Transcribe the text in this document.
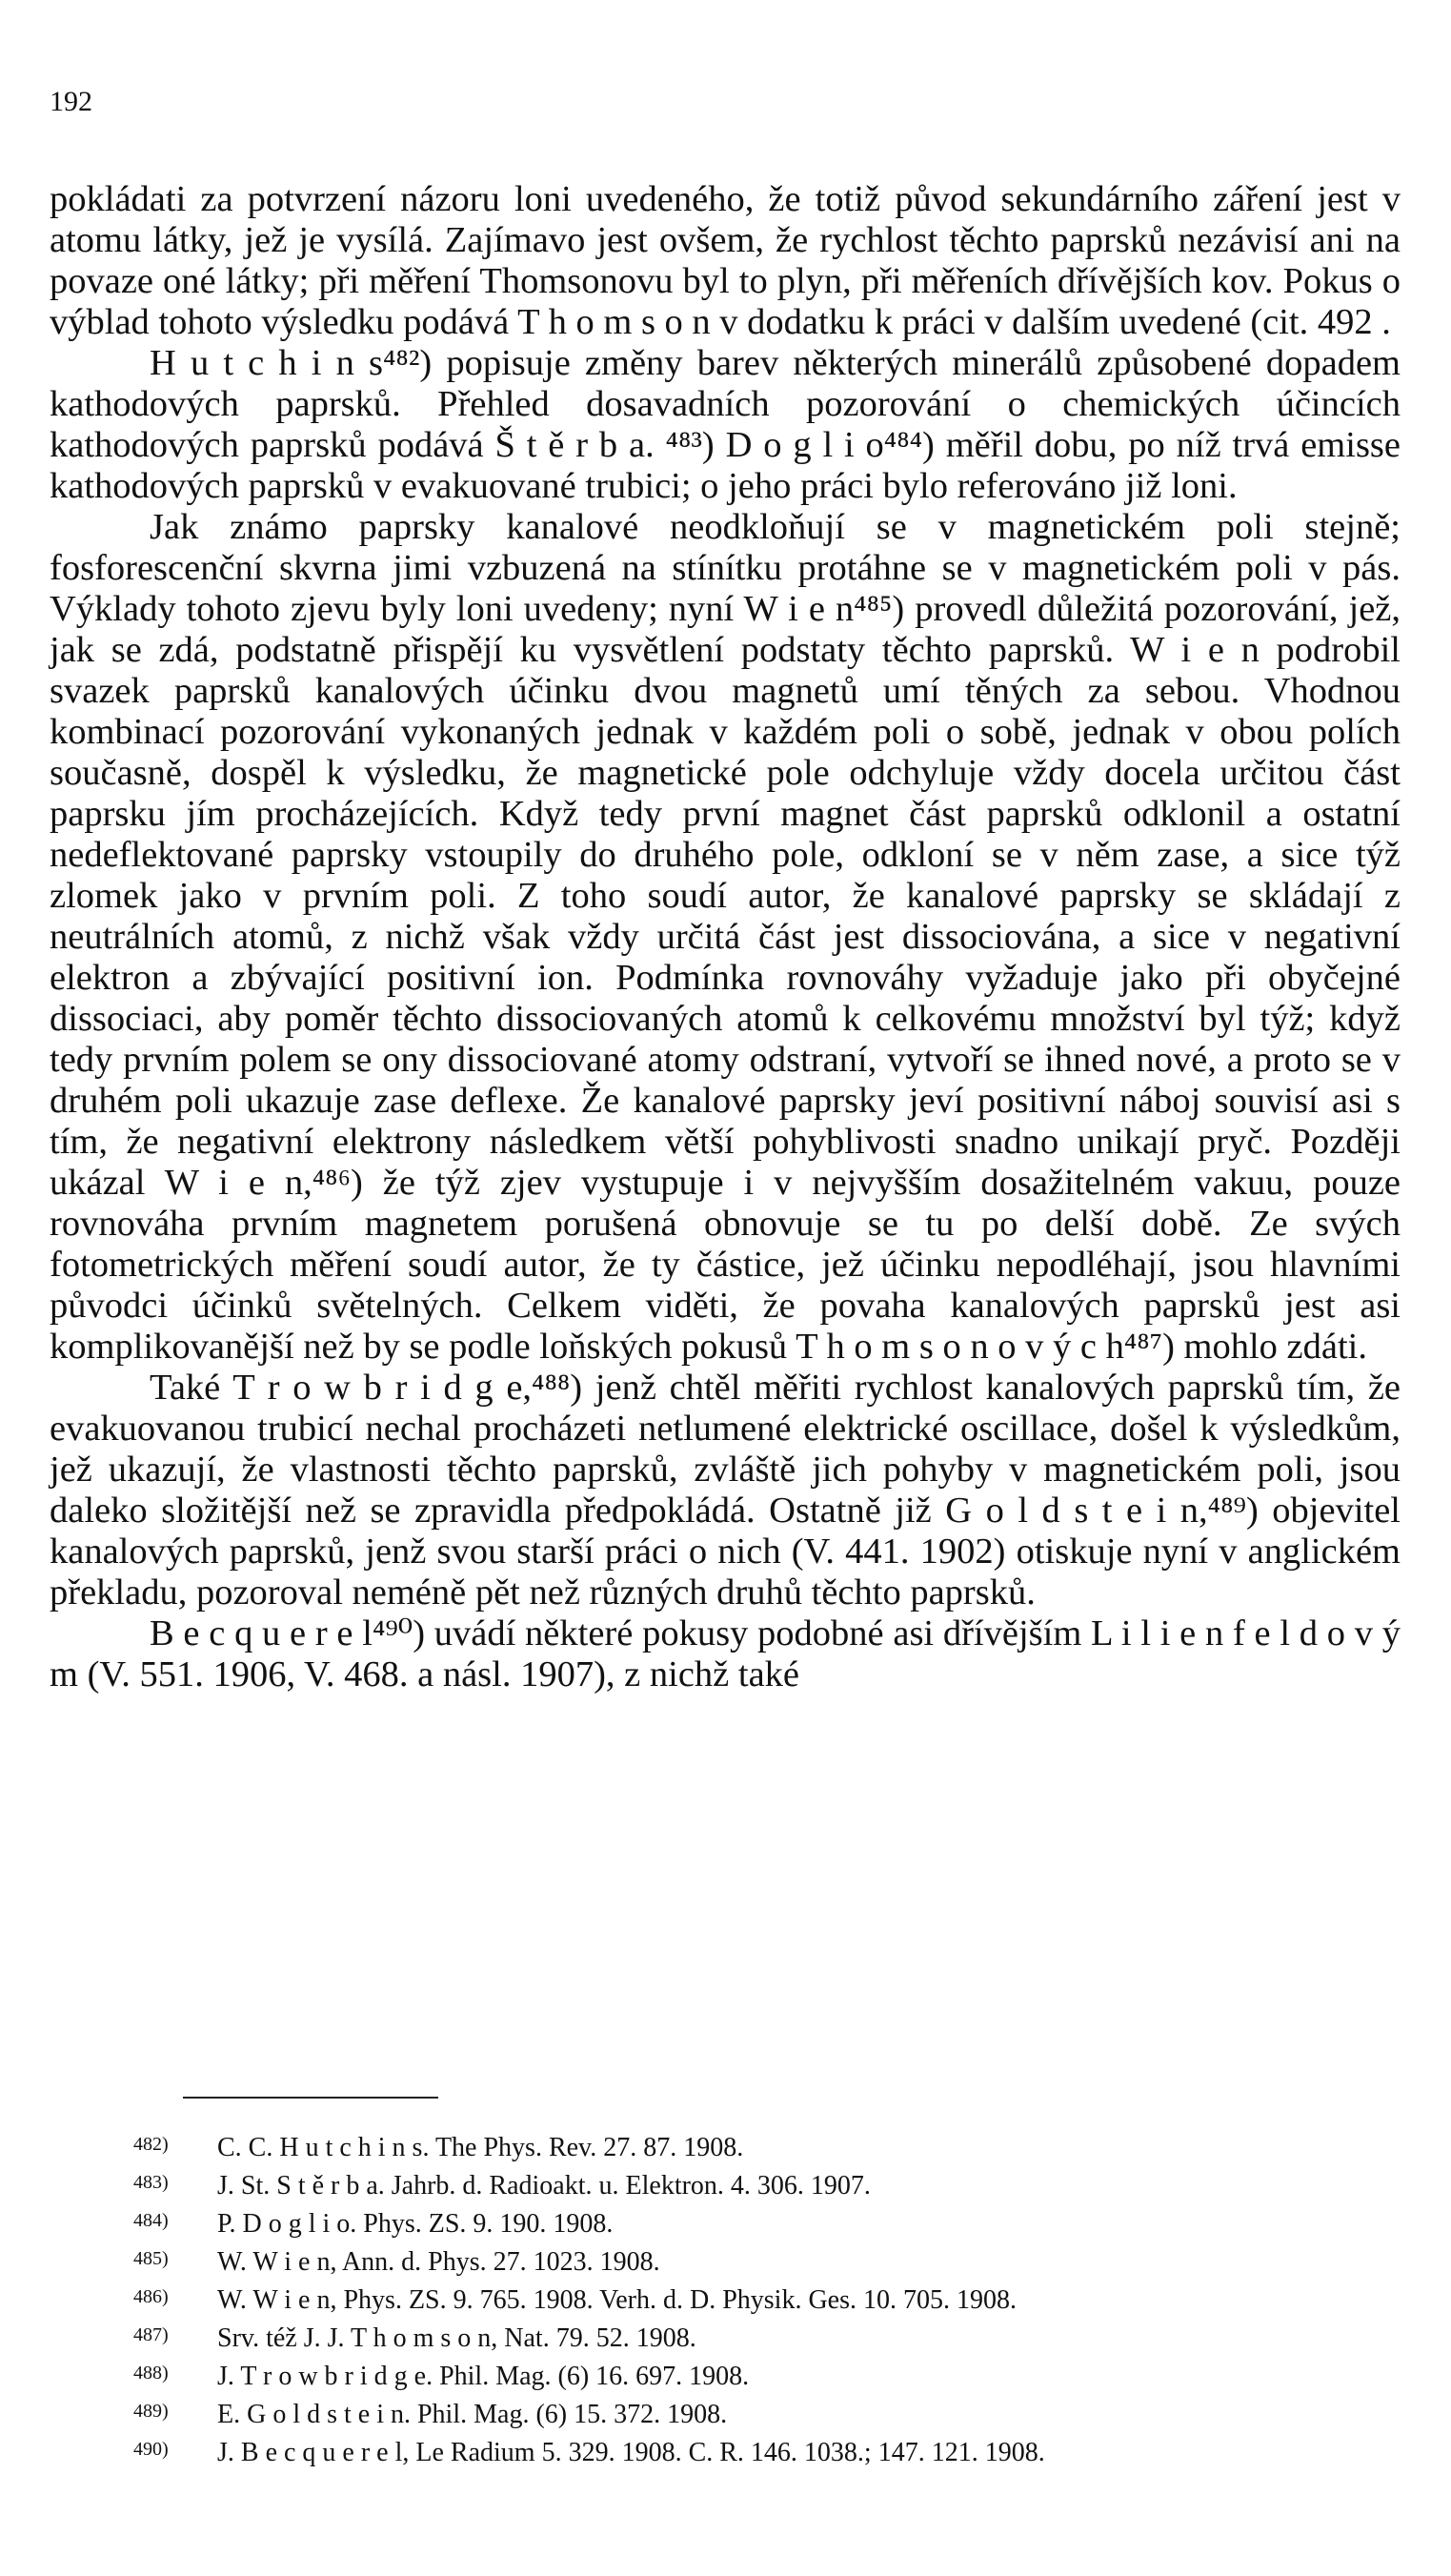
192

pokládati za potvrzení názoru loni uvedeného, že totiž původ sekundárního záření jest v atomu látky, jež je vysílá. Zajímavo jest ovšem, že rychlost těchto paprsků nezávisí ani na povaze oné látky; při měření Thomsonovu byl to plyn, při měřeních dřívějších kov. Pokus o výblad tohoto výsledku podává T h o m s o n v dodatku k práci v dalším uvedené (cit. 492 .

H u t c h i n s⁴⁸²) popisuje změny barev některých minerálů způsobené dopadem kathodových paprsků. Přehled dosavadních pozorování o chemických účincích kathodových paprsků podává Š t ě r b a. ⁴⁸³) D o g l i o⁴⁸⁴) měřil dobu, po níž trvá emisse kathodových paprsků v evakuované trubici; o jeho práci bylo referováno již loni.

Jak známo paprsky kanalové neodkloňují se v magnetickém poli stejně; fosforescenční skvrna jimi vzbuzená na stínítku protáhne se v magnetickém poli v pás. Výklady tohoto zjevu byly loni uvedeny; nyní W i e n⁴⁸⁵) provedl důležitá pozorování, jež, jak se zdá, podstatně přispějí ku vysvětlení podstaty těchto paprsků. W i e n podrobil svazek paprsků kanalových účinku dvou magnetů umí těných za sebou. Vhodnou kombinací pozorování vykonaných jednak v každém poli o sobě, jednak v obou polích současně, dospěl k výsledku, že magnetické pole odchyluje vždy docela určitou část paprsku jím procházejících. Když tedy první magnet část paprsků odklonil a ostatní nedeflektované paprsky vstoupily do druhého pole, odkloní se v něm zase, a sice týž zlomek jako v prvním poli. Z toho soudí autor, že kanalové paprsky se skládají z neutrálních atomů, z nichž však vždy určitá část jest dissociována, a sice v negativní elektron a zbývající positivní ion. Podmínka rovnováhy vyžaduje jako při obyčejné dissociaci, aby poměr těchto dissociovaných atomů k celkovému množství byl týž; když tedy prvním polem se ony dissociované atomy odstraní, vytvoří se ihned nové, a proto se v druhém poli ukazuje zase deflexe. Že kanalové paprsky jeví positivní náboj souvisí asi s tím, že negativní elektrony následkem větší pohyblivosti snadno unikají pryč. Později ukázal W i e n,⁴⁸⁶) že týž zjev vystupuje i v nejvyšším dosažitelném vakuu, pouze rovnováha prvním magnetem porušená obnovuje se tu po delší době. Ze svých fotometrických měření soudí autor, že ty částice, jež účinku nepodléhají, jsou hlavními původci účinků světelných. Celkem viděti, že povaha kanalových paprsků jest asi komplikovanější než by se podle loňských pokusů T h o m s o n o v ý c h⁴⁸⁷) mohlo zdáti.

Také T r o w b r i d g e,⁴⁸⁸) jenž chtěl měřiti rychlost kanalových paprsků tím, že evakuovanou trubicí nechal procházeti netlumené elektrické oscillace, došel k výsledkům, jež ukazují, že vlastnosti těchto paprsků, zvláště jich pohyby v magnetickém poli, jsou daleko složitější než se zpravidla předpokládá. Ostatně již G o l d s t e i n,⁴⁸⁹) objevitel kanalových paprsků, jenž svou starší práci o nich (V. 441. 1902) otiskuje nyní v anglickém překladu, pozoroval neméně pět než různých druhů těchto paprsků.

B e c q u e r e l⁴⁹⁰) uvádí některé pokusy podobné asi dřívějším L i l i e n f e l d o v ý m (V. 551. 1906, V. 468. a násl. 1907), z nichž také

482) C. C. H u t c h i n s. The Phys. Rev. 27. 87. 1908.
483) J. St. S t ě r b a. Jahrb. d. Radioakt. u. Elektron. 4. 306. 1907.
484) P. D o g l i o. Phys. ZS. 9. 190. 1908.
485) W. W i e n, Ann. d. Phys. 27. 1023. 1908.
486) W. W i e n, Phys. ZS. 9. 765. 1908. Verh. d. D. Physik. Ges. 10. 705. 1908.
487) Srv. též J. J. T h o m s o n, Nat. 79. 52. 1908.
488) J. T r o w b r i d g e. Phil. Mag. (6) 16. 697. 1908.
489) E. G o l d s t e i n. Phil. Mag. (6) 15. 372. 1908.
490) J. B e c q u e r e l, Le Radium 5. 329. 1908. C. R. 146. 1038.; 147. 121. 1908.
